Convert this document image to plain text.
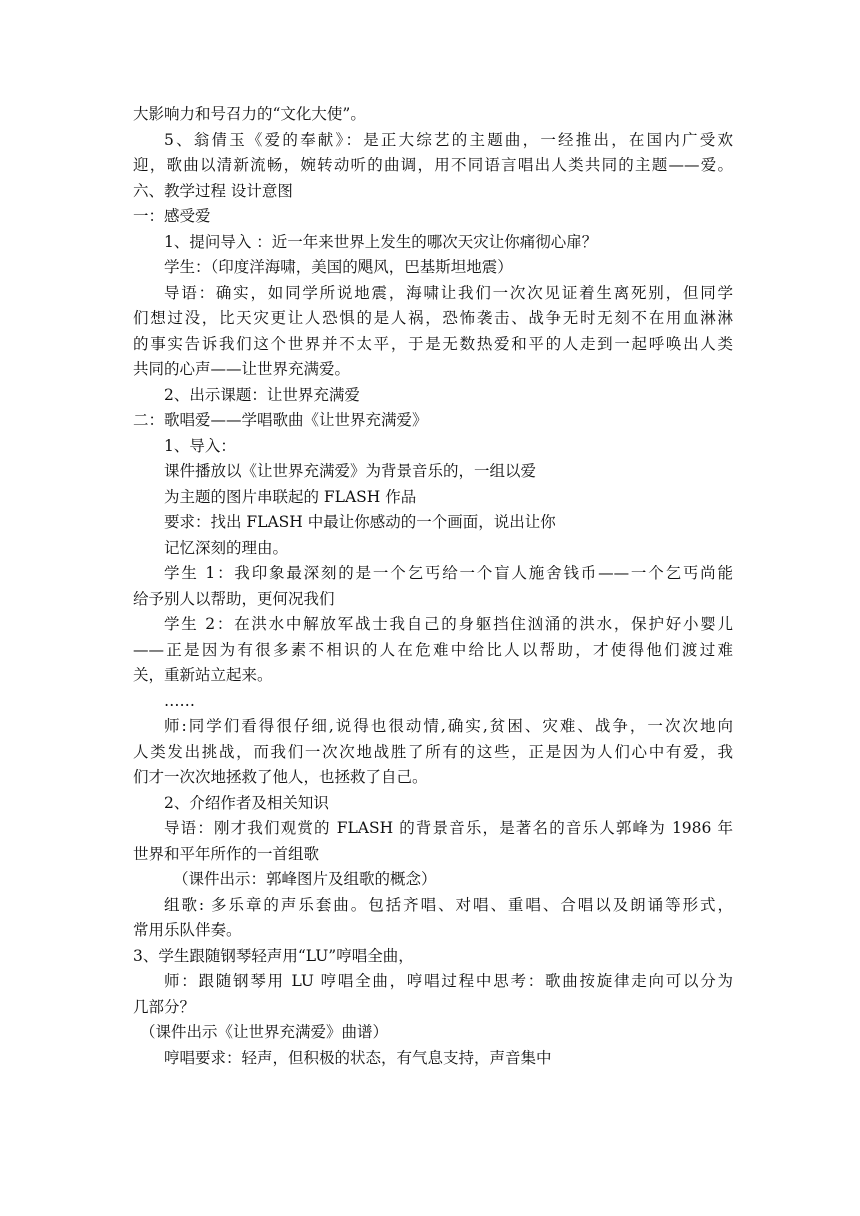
大影响力和号召力的“文化大使”。
5、翁倩玉《爱的奉献》：是正大综艺的主题曲，一经推出，在国内广受欢
迎，歌曲以清新流畅，婉转动听的曲调，用不同语言唱出人类共同的主题——爱。
六、教学过程 设计意图
一：感受爱
1、提问导入 ：近一年来世界上发生的哪次天灾让你痛彻心扉？
学生：（印度洋海啸，美国的飓风，巴基斯坦地震）
导语：确实，如同学所说地震，海啸让我们一次次见证着生离死别，但同学
们想过没，比天灾更让人恐惧的是人祸，恐怖袭击、战争无时无刻不在用血淋淋
的事实告诉我们这个世界并不太平，于是无数热爱和平的人走到一起呼唤出人类
共同的心声——让世界充满爱。
2、出示课题：让世界充满爱
二：歌唱爱——学唱歌曲《让世界充满爱》
1、导入：
课件播放以《让世界充满爱》为背景音乐的，一组以爱
为主题的图片串联起的 FLASH 作品
要求：找出 FLASH 中最让你感动的一个画面，说出让你
记忆深刻的理由。
学生 1：我印象最深刻的是一个乞丐给一个盲人施舍钱币——一个乞丐尚能
给予别人以帮助，更何况我们
学生 2：在洪水中解放军战士我自己的身躯挡住汹涌的洪水，保护好小婴儿
——正是因为有很多素不相识的人在危难中给比人以帮助，才使得他们渡过难
关，重新站立起来。
……
师:同学们看得很仔细,说得也很动情,确实,贫困、灾难、战争，一次次地向
人类发出挑战，而我们一次次地战胜了所有的这些，正是因为人们心中有爱，我
们才一次次地拯救了他人，也拯救了自己。
2、介绍作者及相关知识
导语：刚才我们观赏的 FLASH 的背景音乐，是著名的音乐人郭峰为 1986 年
世界和平年所作的一首组歌
（课件出示：郭峰图片及组歌的概念）
组歌: 多乐章的声乐套曲。包括齐唱、对唱、重唱、合唱以及朗诵等形式，
常用乐队伴奏。
3、学生跟随钢琴轻声用“LU”哼唱全曲，
师：跟随钢琴用 LU 哼唱全曲，哼唱过程中思考：歌曲按旋律走向可以分为
几部分？
（课件出示《让世界充满爱》曲谱）
哼唱要求：轻声，但积极的状态，有气息支持，声音集中
